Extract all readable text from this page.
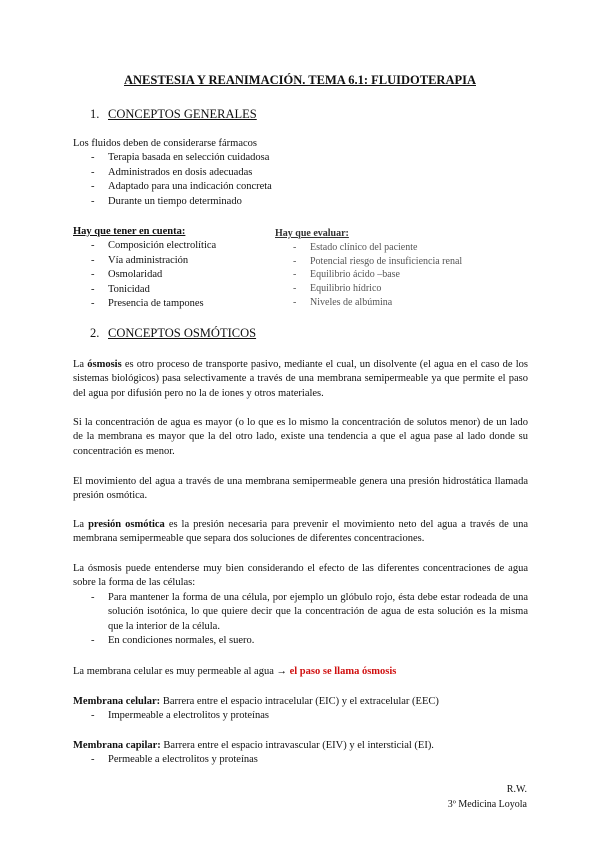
ANESTESIA Y REANIMACIÓN. TEMA 6.1: FLUIDOTERAPIA
1. CONCEPTOS GENERALES

Los fluidos deben de considerarse fármacos

- Terapia basada en selección cuidadosa
- Administrados en dosis adecuadas
- Adaptado para una indicación concreta
- Durante un tiempo determinado

Hay que tener en cuenta:

- Composición electrolítica
- Vía administración
- Osmolaridad
- Tonicidad
- Presencia de tampones

Hay que evaluar:

- Estado clínico del paciente
- Potencial riesgo de insuficiencia renal
- Equilibrio ácido –base
- Equilibrio hídrico
- Niveles de albúmina
2. CONCEPTOS OSMÓTICOS

La ósmosis es otro proceso de transporte pasivo, mediante el cual, un disolvente (el agua en el caso de los sistemas biológicos) pasa selectivamente a través de una membrana semipermeable ya que permite el paso del agua por difusión pero no la de iones y otros materiales.

Si la concentración de agua es mayor (o lo que es lo mismo la concentración de solutos menor) de un lado de la membrana es mayor que la del otro lado, existe una tendencia a que el agua pase al lado donde su concentración es menor.

El movimiento del agua a través de una membrana semipermeable genera una presión hidrostática llamada presión osmótica.

La presión osmótica es la presión necesaria para prevenir el movimiento neto del agua a través de una membrana semipermeable que separa dos soluciones de diferentes concentraciones.

La ósmosis puede entenderse muy bien considerando el efecto de las diferentes concentraciones de agua sobre la forma de las células:

- Para mantener la forma de una célula, por ejemplo un glóbulo rojo, ésta debe estar rodeada de una solución isotónica, lo que quiere decir que la concentración de agua de esta solución es la misma que la interior de la célula.
- En condiciones normales, el suero.

La membrana celular es muy permeable al agua → el paso se llama ósmosis

Membrana celular: Barrera entre el espacio intracelular (EIC) y el extracelular (EEC)

- Impermeable a electrolitos y proteínas

Membrana capilar: Barrera entre el espacio intravascular (EIV) y el intersticial (EI).

- Permeable a electrolitos y proteínas
R.W.
3º Medicina Loyola
